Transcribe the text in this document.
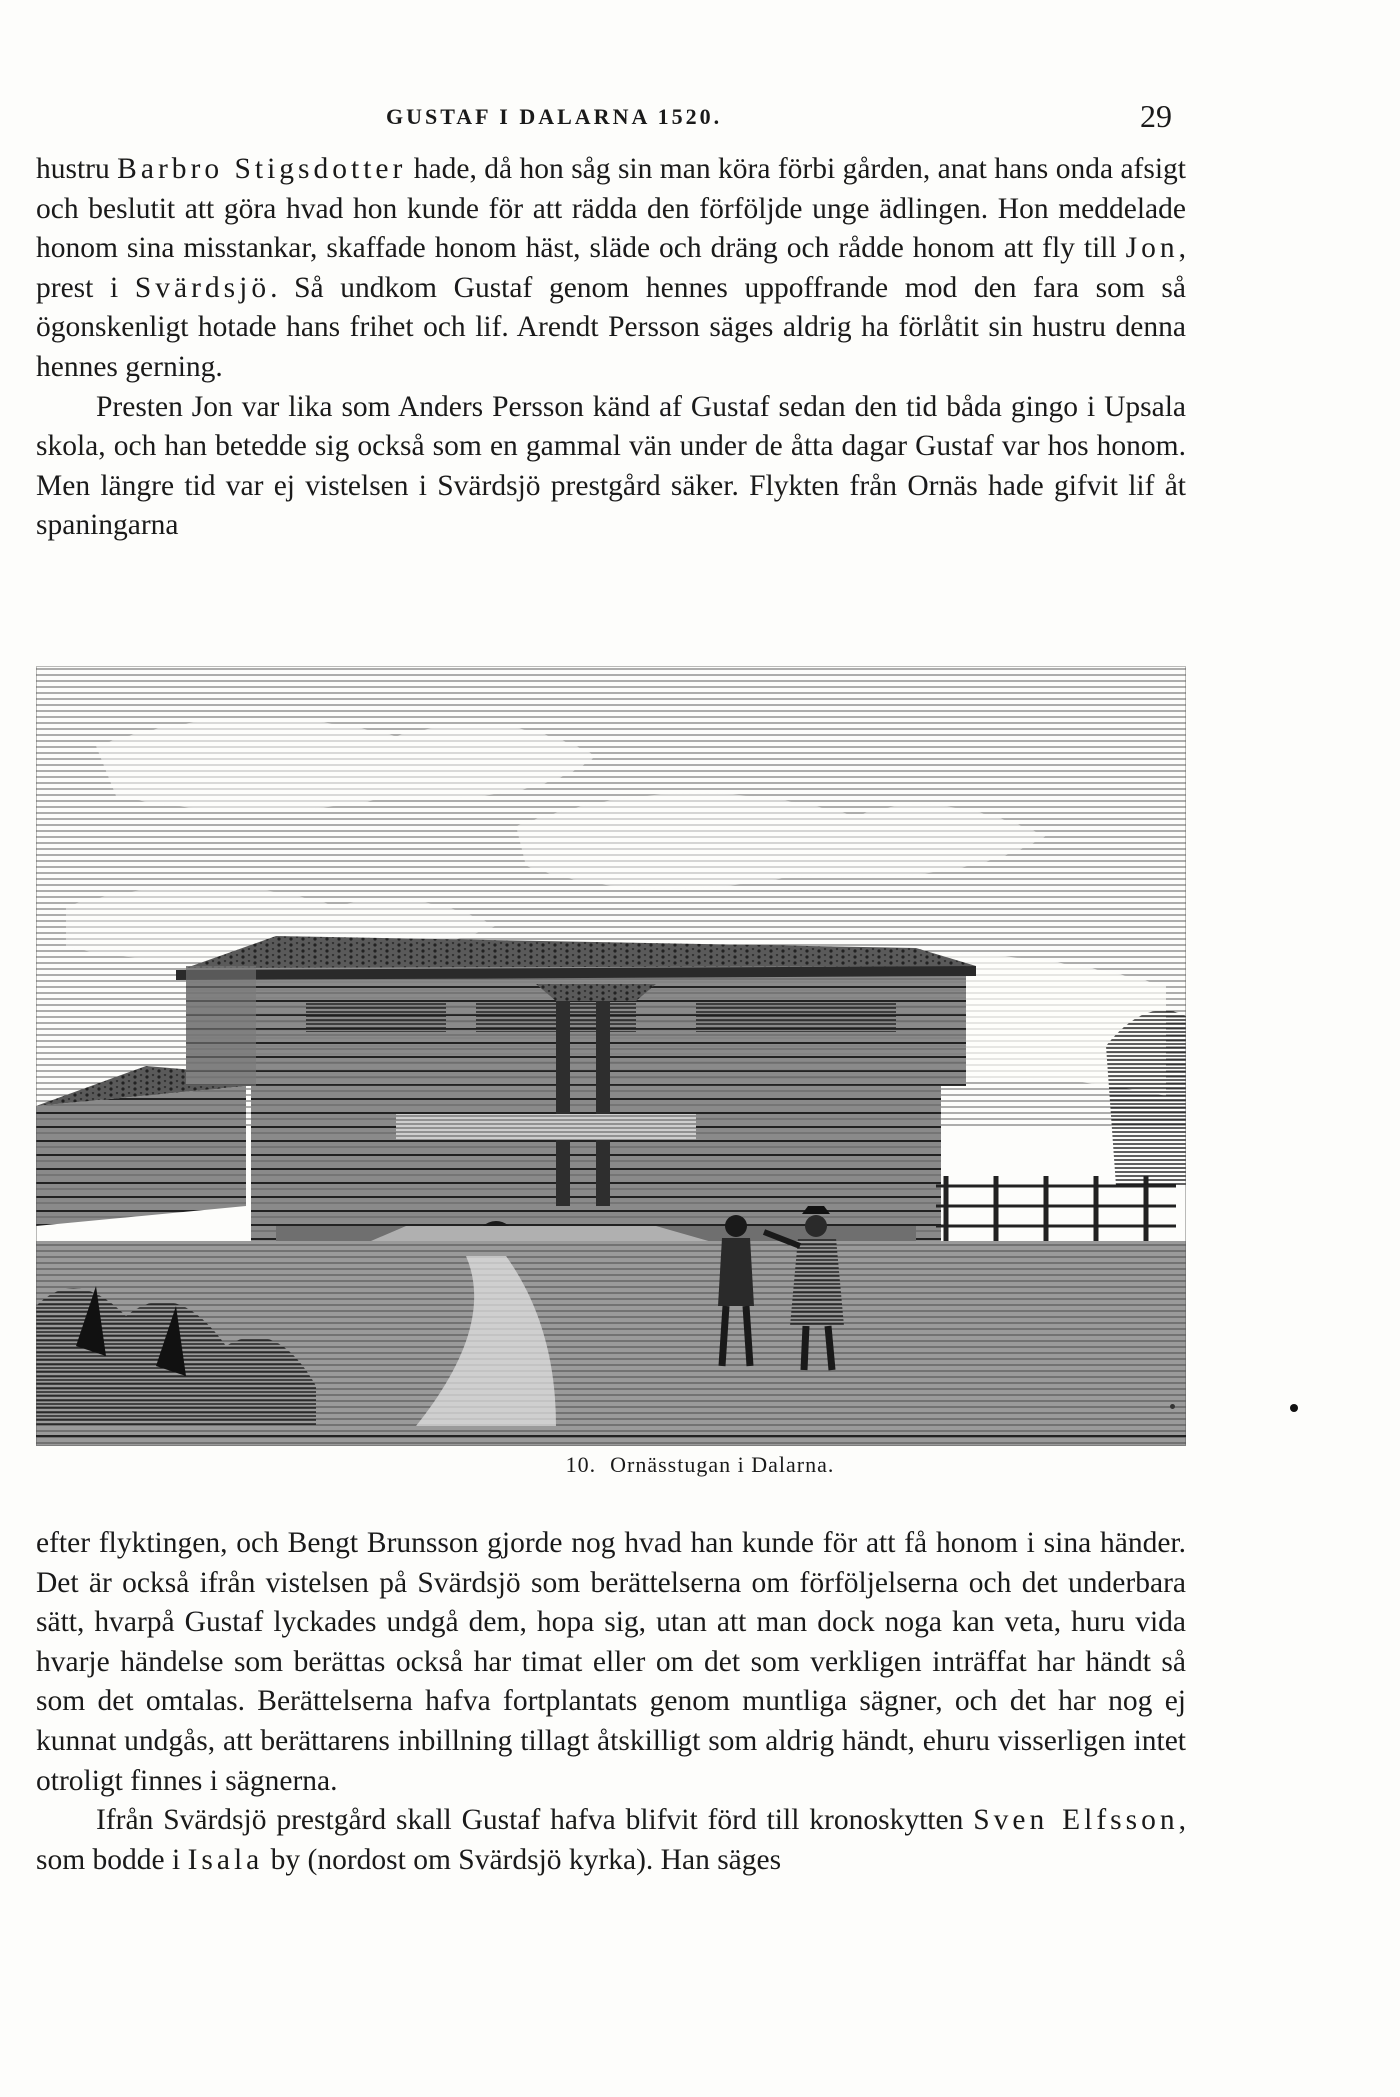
GUSTAF I DALARNA 1520.	29

hustru Barbro Stigsdotter hade, då hon såg sin man köra förbi gården, anat hans onda afsigt och beslutit att göra hvad hon kunde för att rädda den förföljde unge ädlingen. Hon meddelade honom sina misstankar, skaffade honom häst, släde och dräng och rådde honom att fly till Jon, prest i Svärdsjö. Så undkom Gustaf genom hennes uppoffrande mod den fara som så ögonskenligt hotade hans frihet och lif. Arendt Persson säges aldrig ha förlåtit sin hustru denna hennes gerning.

Presten Jon var lika som Anders Persson känd af Gustaf sedan den tid båda gingo i Upsala skola, och han betedde sig också som en gammal vän under de åtta dagar Gustaf var hos honom. Men längre tid var ej vistelsen i Svärdsjö prestgård säker. Flykten från Ornäs hade gifvit lif åt spaningarna

10. Ornässtugan i Dalarna.

efter flyktingen, och Bengt Brunsson gjorde nog hvad han kunde för att få honom i sina händer. Det är också ifrån vistelsen på Svärdsjö som berättelserna om förföljelserna och det underbara sätt, hvarpå Gustaf lyckades undgå dem, hopa sig, utan att man dock noga kan veta, huru vida hvarje händelse som berättas också har timat eller om det som verkligen inträffat har händt så som det omtalas. Berättelserna hafva fortplantats genom muntliga sägner, och det har nog ej kunnat undgås, att berättarens inbillning tillagt åtskilligt som aldrig händt, ehuru visserligen intet otroligt finnes i sägnerna.

Ifrån Svärdsjö prestgård skall Gustaf hafva blifvit förd till kronoskytten Sven Elfsson, som bodde i Isala by (nordost om Svärdsjö kyrka). Han säges
